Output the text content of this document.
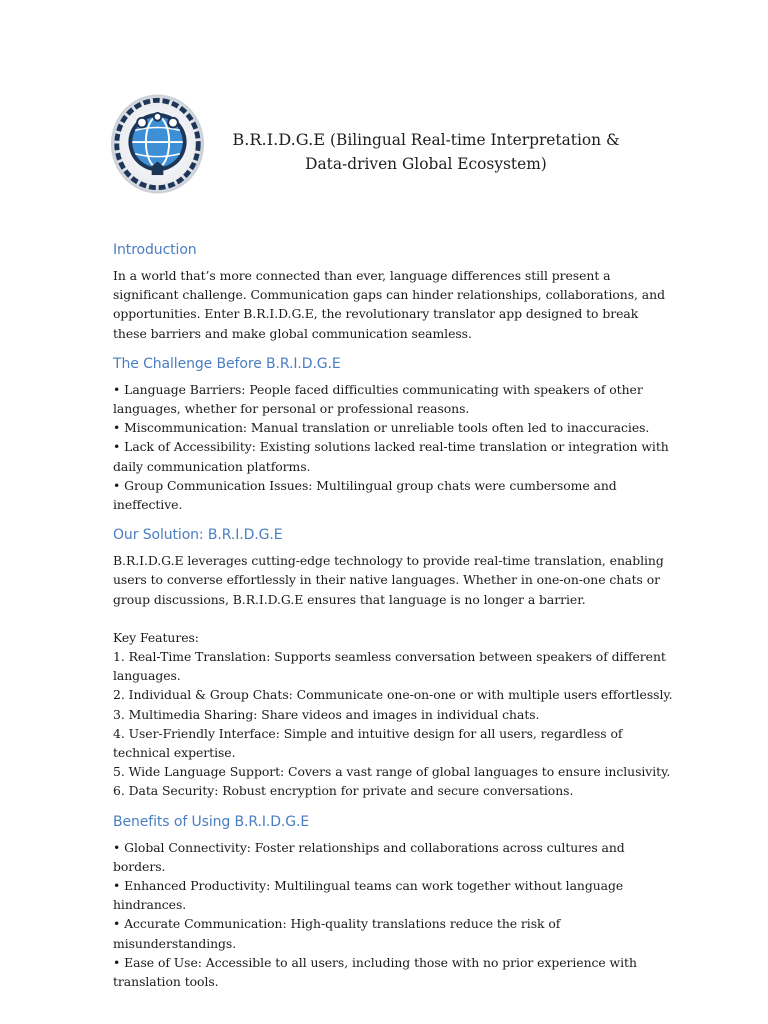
B.R.I.D.G.E (Bilingual Real-time Interpretation & Data-driven Global Ecosystem)
Introduction

In a world that’s more connected than ever, language differences still present a significant challenge. Communication gaps can hinder relationships, collaborations, and opportunities. Enter B.R.I.D.G.E, the revolutionary translator app designed to break these barriers and make global communication seamless.

The Challenge Before B.R.I.D.G.E
• Language Barriers: People faced difficulties communicating with speakers of other languages, whether for personal or professional reasons.
• Miscommunication: Manual translation or unreliable tools often led to inaccuracies.
• Lack of Accessibility: Existing solutions lacked real-time translation or integration with daily communication platforms.
• Group Communication Issues: Multilingual group chats were cumbersome and ineffective.
Our Solution: B.R.I.D.G.E

B.R.I.D.G.E leverages cutting-edge technology to provide real-time translation, enabling users to converse effortlessly in their native languages. Whether in one-on-one chats or group discussions, B.R.I.D.G.E ensures that language is no longer a barrier.

Key Features:

1. Real-Time Translation: Supports seamless conversation between speakers of different languages.
2. Individual & Group Chats: Communicate one-on-one or with multiple users effortlessly.
3. Multimedia Sharing: Share videos and images in individual chats.
4. User-Friendly Interface: Simple and intuitive design for all users, regardless of technical expertise.
5. Wide Language Support: Covers a vast range of global languages to ensure inclusivity.
6. Data Security: Robust encryption for private and secure conversations.
Benefits of Using B.R.I.D.G.E
• Global Connectivity: Foster relationships and collaborations across cultures and borders.
• Enhanced Productivity: Multilingual teams can work together without language hindrances.
• Accurate Communication: High-quality translations reduce the risk of misunderstandings.
• Ease of Use: Accessible to all users, including those with no prior experience with translation tools.
